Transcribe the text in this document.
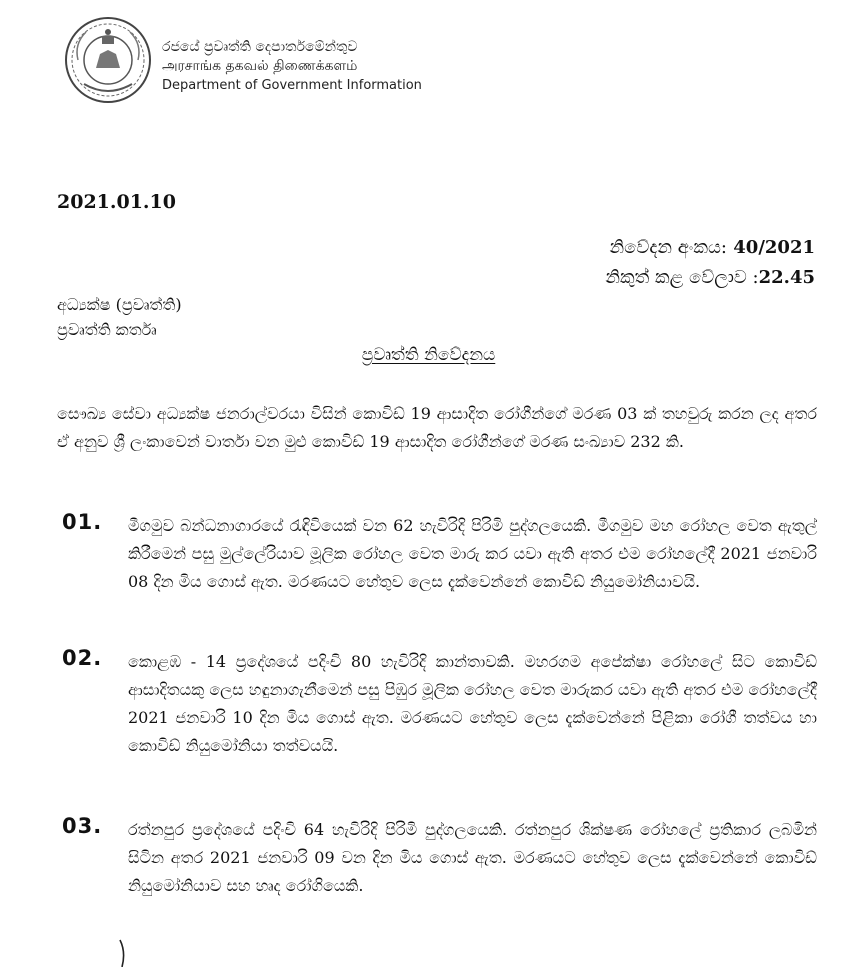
රජයේ ප්‍රවෘත්ති දෙපාර්තමේන්තුව
அரசாங்க தகவல் திணைக்களம்
Department of Government Information
2021.01.10
නිවේදන අංකය: 40/2021
නිකුත් කළ වේලාව :22.45
අධ්‍යක්ෂ (ප්‍රවෘත්ති)
ප්‍රවෘත්ති කර්තෘ
ප්‍රවෘත්ති නිවේදනය
සෞඛ්‍ය සේවා අධ්‍යක්ෂ ජනරාල්වරයා විසින් කොවිඩ් 19 ආසාදිත රෝගීන්ගේ මරණ 03 ක් තහවුරු කරන ලද අතර ඒ අනුව ශ්‍රී ලංකාවෙන් වාර්තා වන මුළු කොවිඩ් 19 ආසාදිත රෝගීන්ගේ මරණ සංඛ්‍යාව 232 කි.
01. මීගමුව බන්ධනාගාරයේ රැඳිවියෙක් වන 62 හැවිරිදි පිරිමි පුද්ගලයෙකි. මීගමුව මහ රෝහල වෙත ඇතුල් කිරීමෙන් පසු මුල්ලේරියාව මූලික රෝහල වෙත මාරු කර යවා ඇති අතර එම රෝහලේදී 2021 ජනවාරි 08 දින මිය ගොස් ඇත. මරණයට හේතුව ලෙස දැක්වෙන්නේ කොවිඩ් නියුමෝනියාවයි.
02. කොළඹ - 14 ප්‍රදේශයේ පදිංචි 80 හැවිරිදි කාන්තාවකි. මහරගම අපේක්ෂා රෝහලේ සිට කොවිඩ් ආසාදිතයකු ලෙස හඳුනාගැනීමෙන් පසු පිඹුර මූලික රෝහල වෙත මාරුකර යවා ඇති අතර එම රෝහලේදී 2021 ජනවාරි 10 දින මිය ගොස් ඇත. මරණයට හේතුව ලෙස දැක්වෙන්නේ පිළිකා රෝගී තත්වය හා කොවිඩ් නියුමෝනියා තත්වයයි.
03. රත්නපුර ප්‍රදේශයේ පදිංචි 64 හැවිරිදි පිරිමි පුද්ගලයෙකි. රත්නපුර ශික්ෂණ රෝහලේ ප්‍රතිකාර ලබමින් සිටින අතර 2021 ජනවාරි 09 වන දින මිය ගොස් ඇත. මරණයට හේතුව ලෙස දැක්වෙන්නේ කොවිඩ් නියුමෝනියාව සහ හෘද රෝගියෙකි.
